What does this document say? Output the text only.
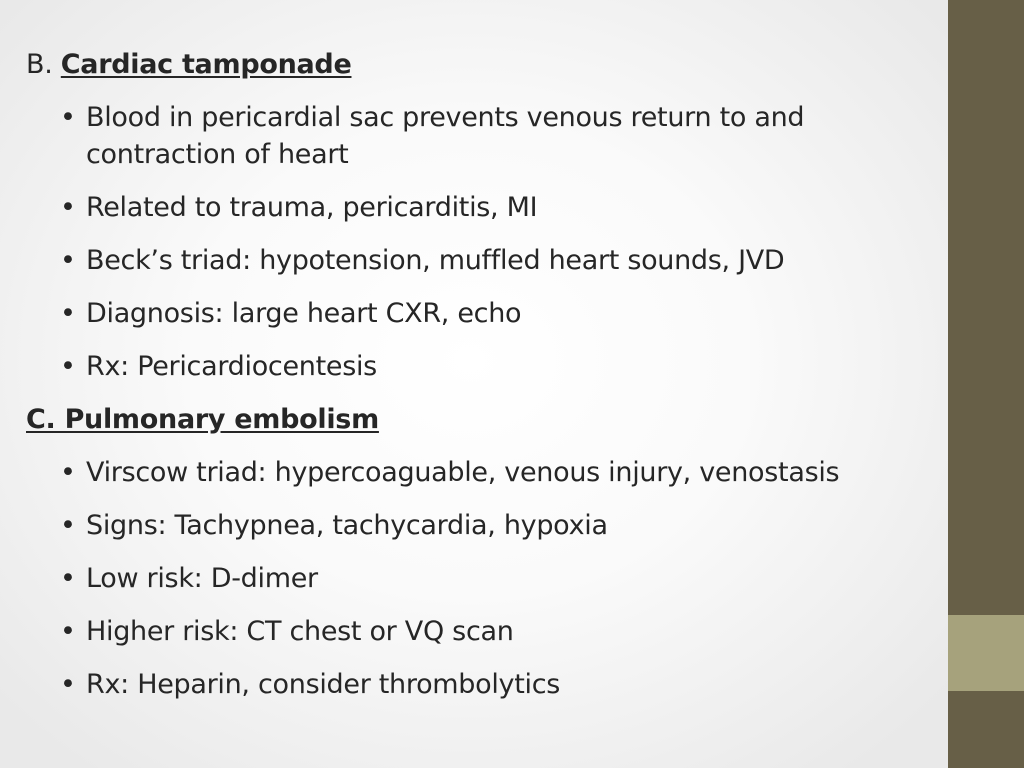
B. Cardiac tamponade

• Blood in pericardial sac prevents venous return to and contraction of heart
• Related to trauma, pericarditis, MI
• Beck’s triad: hypotension, muffled heart sounds, JVD
• Diagnosis: large heart CXR, echo
• Rx: Pericardiocentesis

C. Pulmonary embolism

• Virscow triad: hypercoaguable, venous injury, venostasis
• Signs: Tachypnea, tachycardia, hypoxia
• Low risk: D-dimer
• Higher risk: CT chest or VQ scan
• Rx: Heparin, consider thrombolytics
